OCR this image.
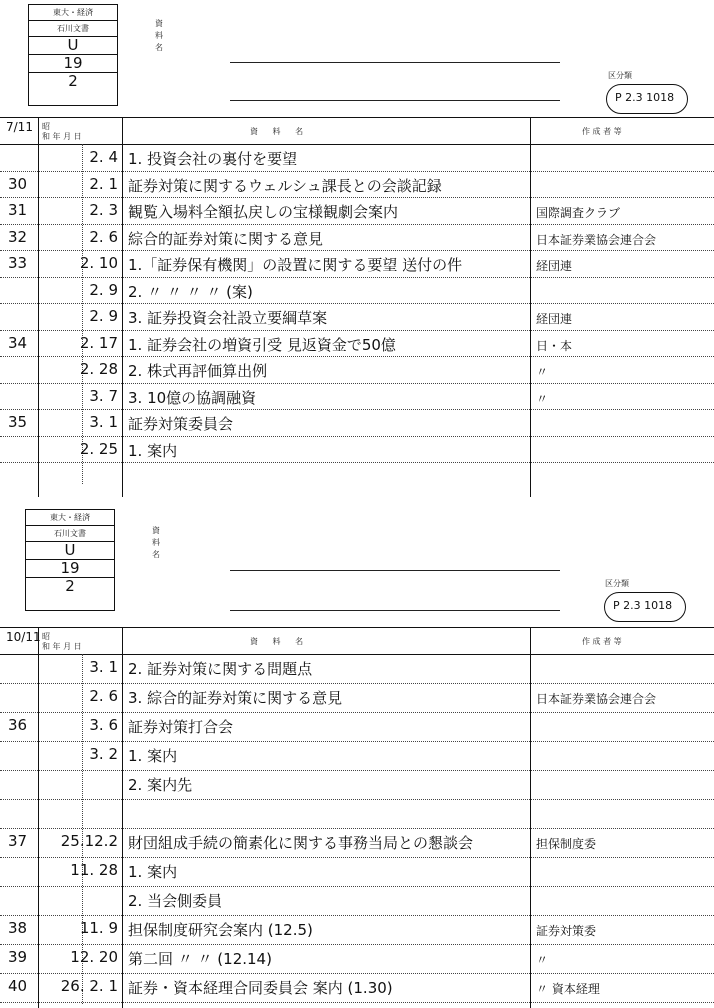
東大・経済
石川文書
U
19
2
資料名
区分類
P 2.3 1018
7/11 昭
和 年 月 日
資 料 名	作 成 者 等
2. 4 1. 投資会社の裏付を要望
30	2. 1 証券対策に関するウェルシュ課長との会談記録
31	2. 3 観覧入場料全額払戻しの宝様観劇会案内	国際調査クラブ
32	2. 6 綜合的証券対策に関する意見	日本証券業協会連合会
33	2. 10 1.「証券保有機関」の設置に関する要望 送付の件	経団連
2. 9 2. 〃 〃 〃 〃 (案)
2. 9 3. 証券投資会社設立要綱草案	経団連
34	2. 17 1. 証券会社の増資引受 見返資金で50億	日・本
2. 28 2. 株式再評価算出例	〃
3. 7 3. 10億の協調融資	〃
35	3. 1 証券対策委員会
2. 25 1. 案内
東大・経済
石川文書
U
19
2
資料名
区分類
P 2.3 1018
10/11 昭
和 年 月 日
資 料 名	作 成 者 等
3. 1 2. 証券対策に関する問題点
2. 6 3. 綜合的証券対策に関する意見	日本証券業協会連合会
36	3. 6 証券対策打合会
3. 2 1. 案内
2. 案内先
37	25.12.2 財団組成手続の簡素化に関する事務当局との懇談会	担保制度委
11. 28 1. 案内
2. 当会側委員
38	11. 9 担保制度研究会案内 (12.5)	証券対策委
39	12. 20 第二回 〃 〃 (12.14)	〃
40	26. 2. 1 証券・資本経理合同委員会 案内 (1.30)	〃 資本経理
